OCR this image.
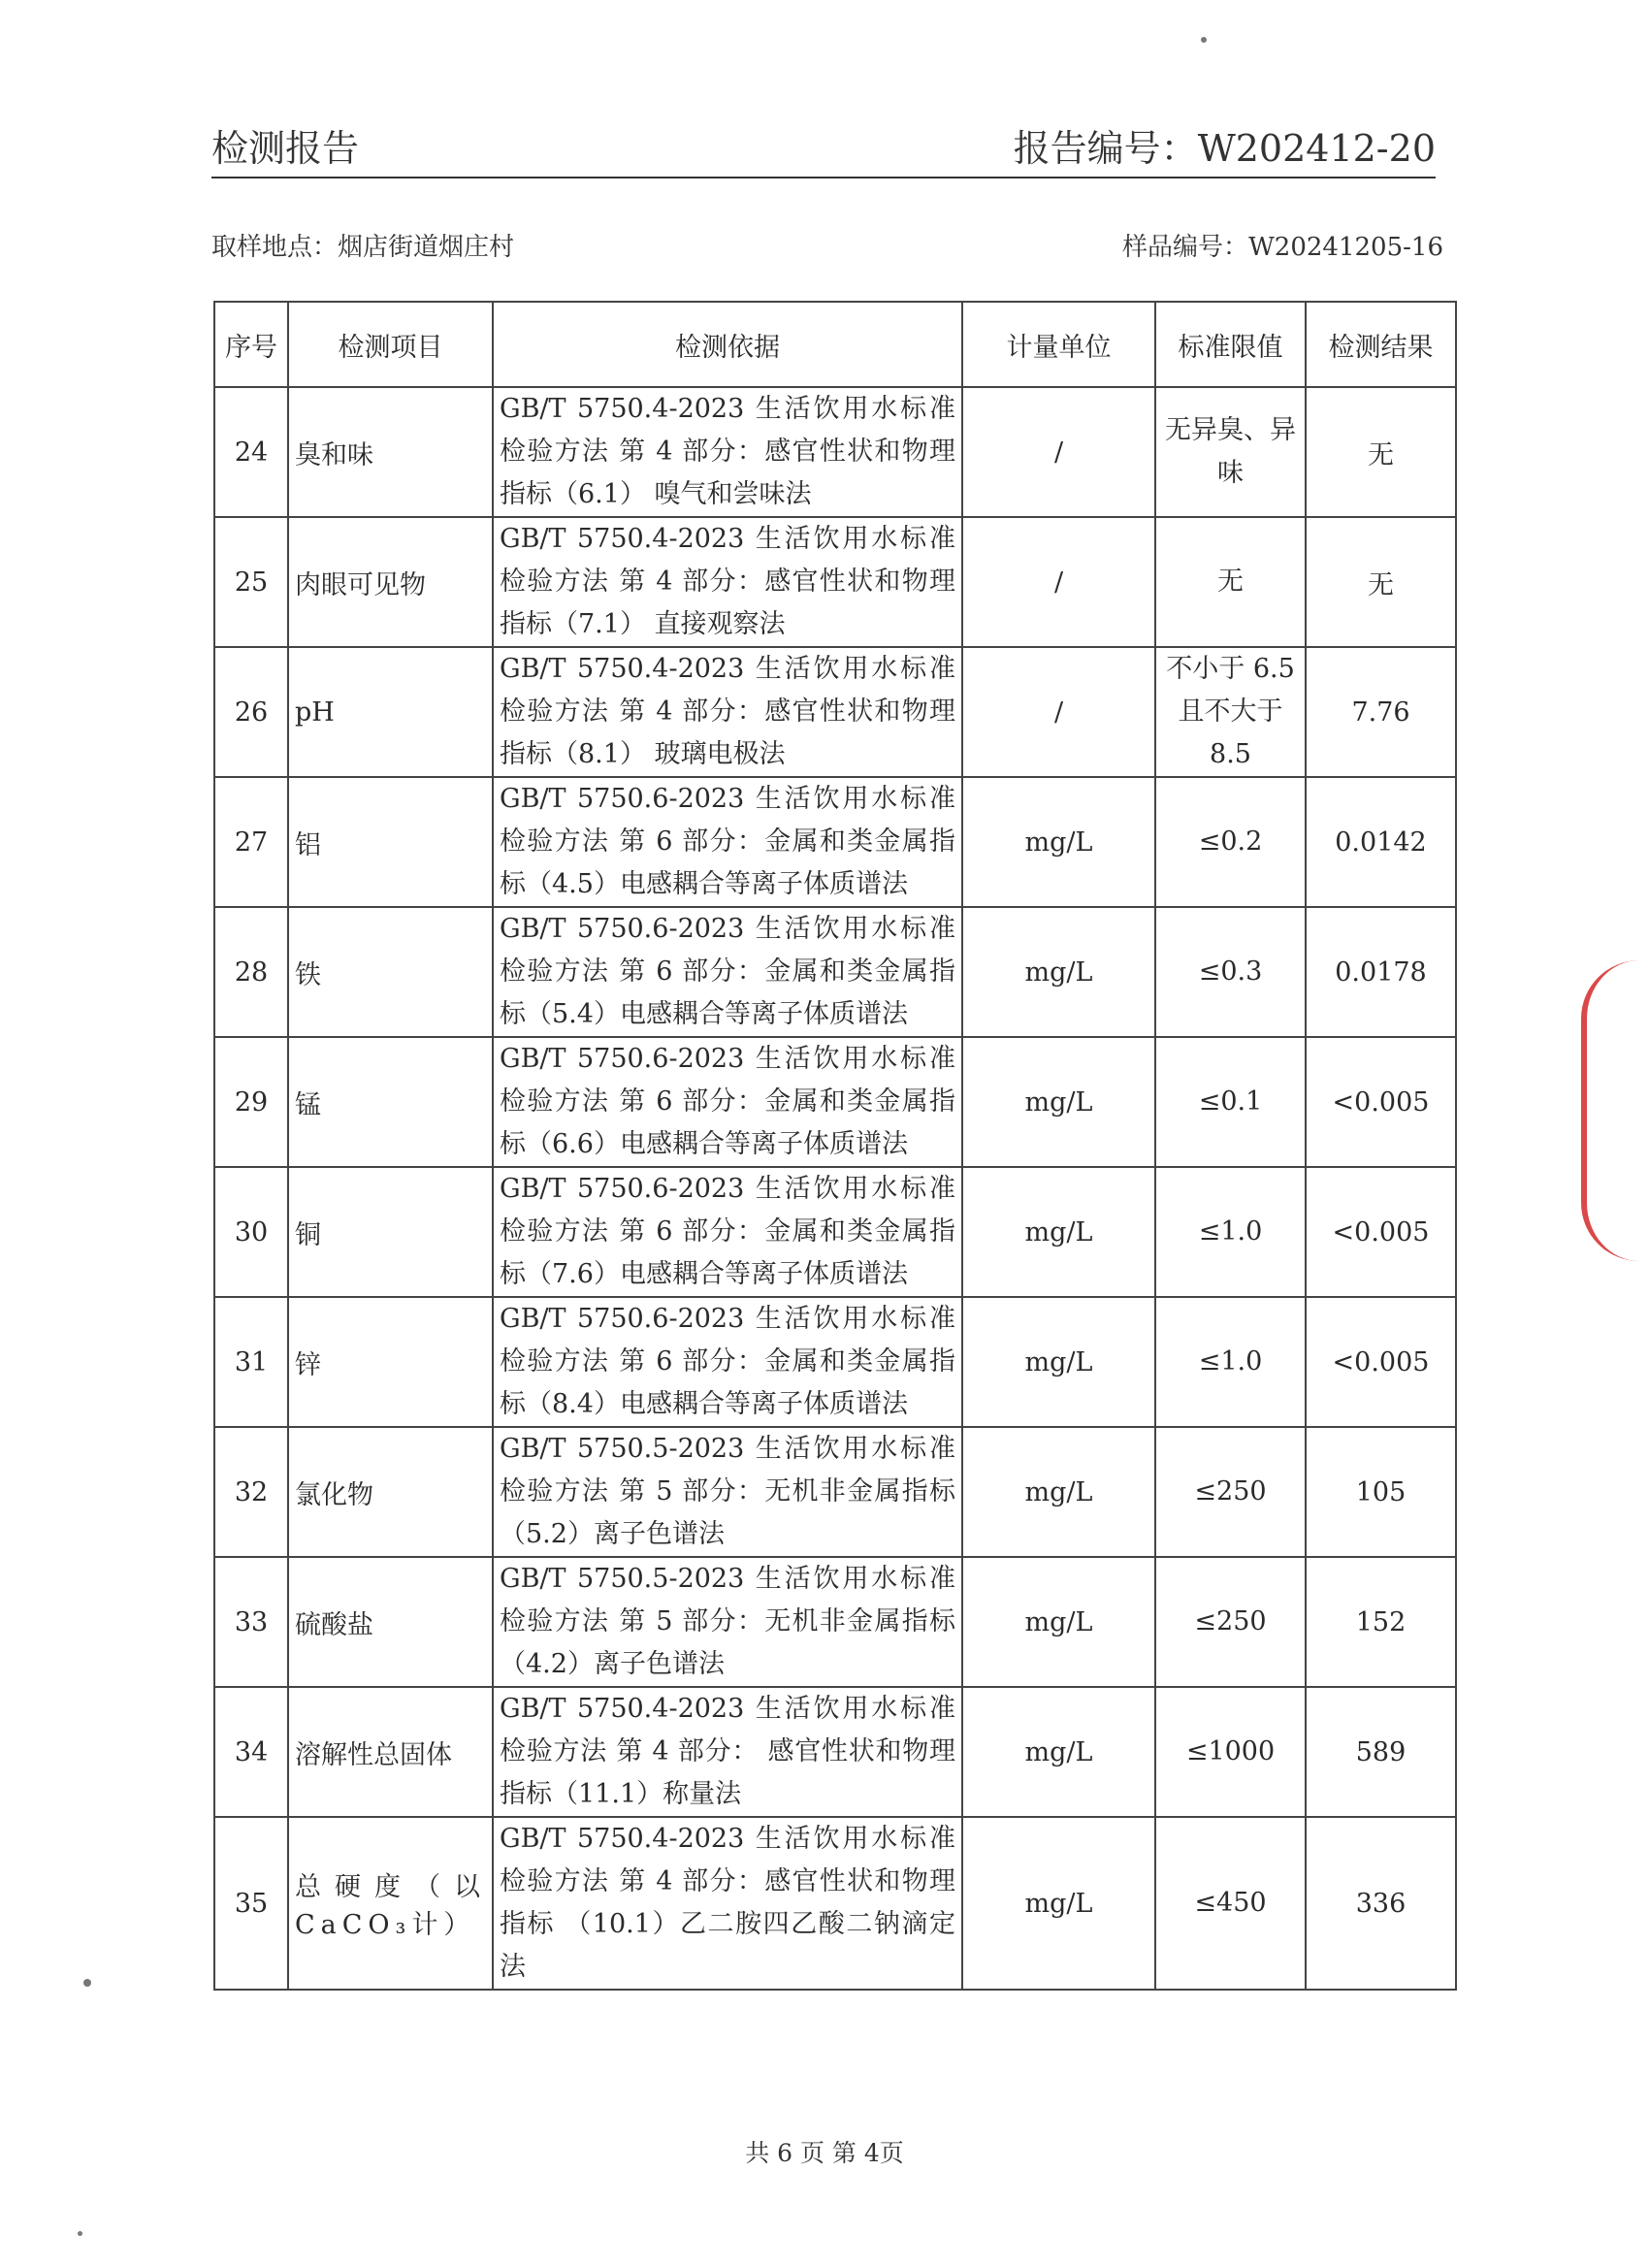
检测报告	报告编号：W202412-20
取样地点：烟店街道烟庄村	样品编号：W20241205-16
序号	检测项目	检测依据	计量单位	标准限值	检测结果
24	臭和味	GB/T 5750.4-2023 生活饮用水标准检验方法 第 4 部分：感官性状和物理指标（6.1） 嗅气和尝味法	/	无异臭、异味	无
25	肉眼可见物	GB/T 5750.4-2023 生活饮用水标准检验方法 第 4 部分：感官性状和物理指标（7.1） 直接观察法	/	无	无
26	pH	GB/T 5750.4-2023 生活饮用水标准检验方法 第 4 部分：感官性状和物理指标（8.1） 玻璃电极法	/	不小于 6.5 且不大于 8.5	7.76
27	铝	GB/T 5750.6-2023 生活饮用水标准检验方法 第 6 部分：金属和类金属指标（4.5）电感耦合等离子体质谱法	mg/L	≤0.2	0.0142
28	铁	GB/T 5750.6-2023 生活饮用水标准检验方法 第 6 部分：金属和类金属指标（5.4）电感耦合等离子体质谱法	mg/L	≤0.3	0.0178
29	锰	GB/T 5750.6-2023 生活饮用水标准检验方法 第 6 部分：金属和类金属指标（6.6）电感耦合等离子体质谱法	mg/L	≤0.1	<0.005
30	铜	GB/T 5750.6-2023 生活饮用水标准检验方法 第 6 部分：金属和类金属指标（7.6）电感耦合等离子体质谱法	mg/L	≤1.0	<0.005
31	锌	GB/T 5750.6-2023 生活饮用水标准检验方法 第 6 部分：金属和类金属指标（8.4）电感耦合等离子体质谱法	mg/L	≤1.0	<0.005
32	氯化物	GB/T 5750.5-2023 生活饮用水标准检验方法 第 5 部分：无机非金属指标（5.2）离子色谱法	mg/L	≤250	105
33	硫酸盐	GB/T 5750.5-2023 生活饮用水标准检验方法 第 5 部分：无机非金属指标（4.2）离子色谱法	mg/L	≤250	152
34	溶解性总固体	GB/T 5750.4-2023 生活饮用水标准检验方法 第 4 部分： 感官性状和物理指标（11.1）称量法	mg/L	≤1000	589
35	总硬度（以CaCO₃计）	GB/T 5750.4-2023 生活饮用水标准检验方法 第 4 部分：感官性状和物理指标 （10.1）乙二胺四乙酸二钠滴定法	mg/L	≤450	336
共 6 页 第 4页
